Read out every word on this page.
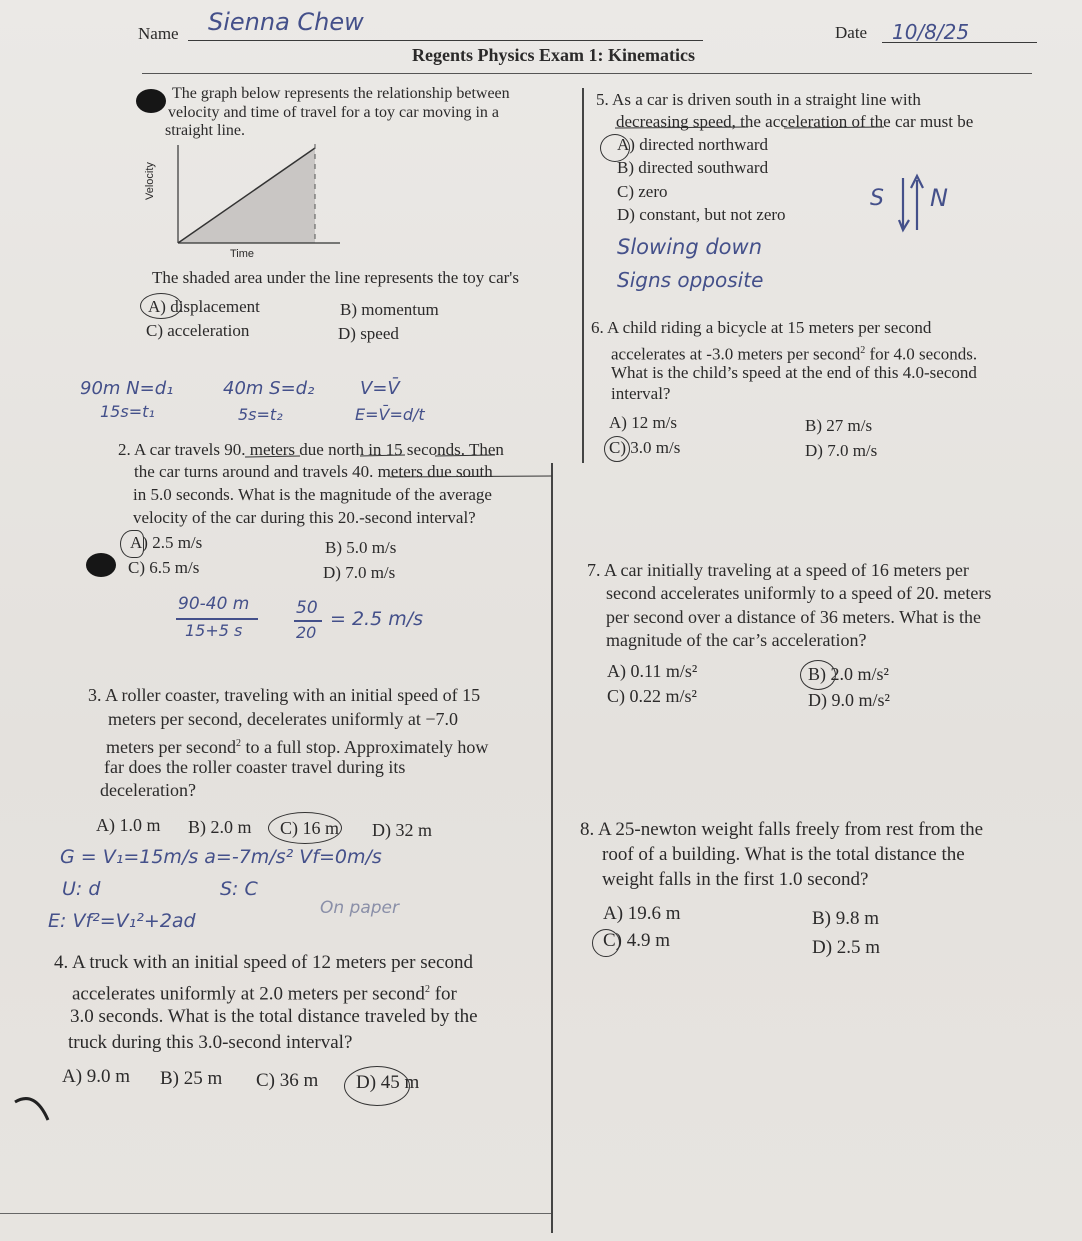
Name Sienna Chew	Date 10/8/25
Regents Physics Exam 1: Kinematics
The graph below represents the relationship between
velocity and time of travel for a toy car moving in a
straight line.
Velocity
Time
The shaded area under the line represents the toy car's
A) displacement	B) momentum
C) acceleration	D) speed
90m N=d₁	40m S=d₂	V=V̄
15s=t₁	5s=t₂	E=V̄=d/t
2. A car travels 90. meters due north in 15 seconds. Then
the car turns around and travels 40. meters due south
in 5.0 seconds. What is the magnitude of the average
velocity of the car during this 20.-second interval?
A) 2.5 m/s	B) 5.0 m/s
C) 6.5 m/s	D) 7.0 m/s
90-40 m
15+5 s
50
20
= 2.5 m/s
3. A roller coaster, traveling with an initial speed of 15
meters per second, decelerates uniformly at −7.0
meters per second$^2$ to a full stop. Approximately how
far does the roller coaster travel during its
deceleration?
A) 1.0 m B) 2.0 m C) 16 m D) 32 m
G = V₁=15m/s a=-7m/s² Vf=0m/s
U: d	S: C
E: Vf²=V₁²+2ad
On paper
4. A truck with an initial speed of 12 meters per second
accelerates uniformly at 2.0 meters per second$^2$ for
3.0 seconds. What is the total distance traveled by the
truck during this 3.0-second interval?
A) 9.0 m B) 25 m C) 36 m D) 45 m
5. As a car is driven south in a straight line with
decreasing speed, the acceleration of the car must be
A) directed northward
B) directed southward
C) zero
D) constant, but not zero
S N
Slowing down
Signs opposite
6. A child riding a bicycle at 15 meters per second
accelerates at -3.0 meters per second$^2$ for 4.0 seconds.
What is the child’s speed at the end of this 4.0-second
interval?
A) 12 m/s	B) 27 m/s
C) 3.0 m/s	D) 7.0 m/s
7. A car initially traveling at a speed of 16 meters per
second accelerates uniformly to a speed of 20. meters
per second over a distance of 36 meters. What is the
magnitude of the car’s acceleration?
A) 0.11 m/s²	B) 2.0 m/s²
C) 0.22 m/s²	D) 9.0 m/s²
8. A 25-newton weight falls freely from rest from the
roof of a building. What is the total distance the
weight falls in the first 1.0 second?
A) 19.6 m	B) 9.8 m
C) 4.9 m	D) 2.5 m
